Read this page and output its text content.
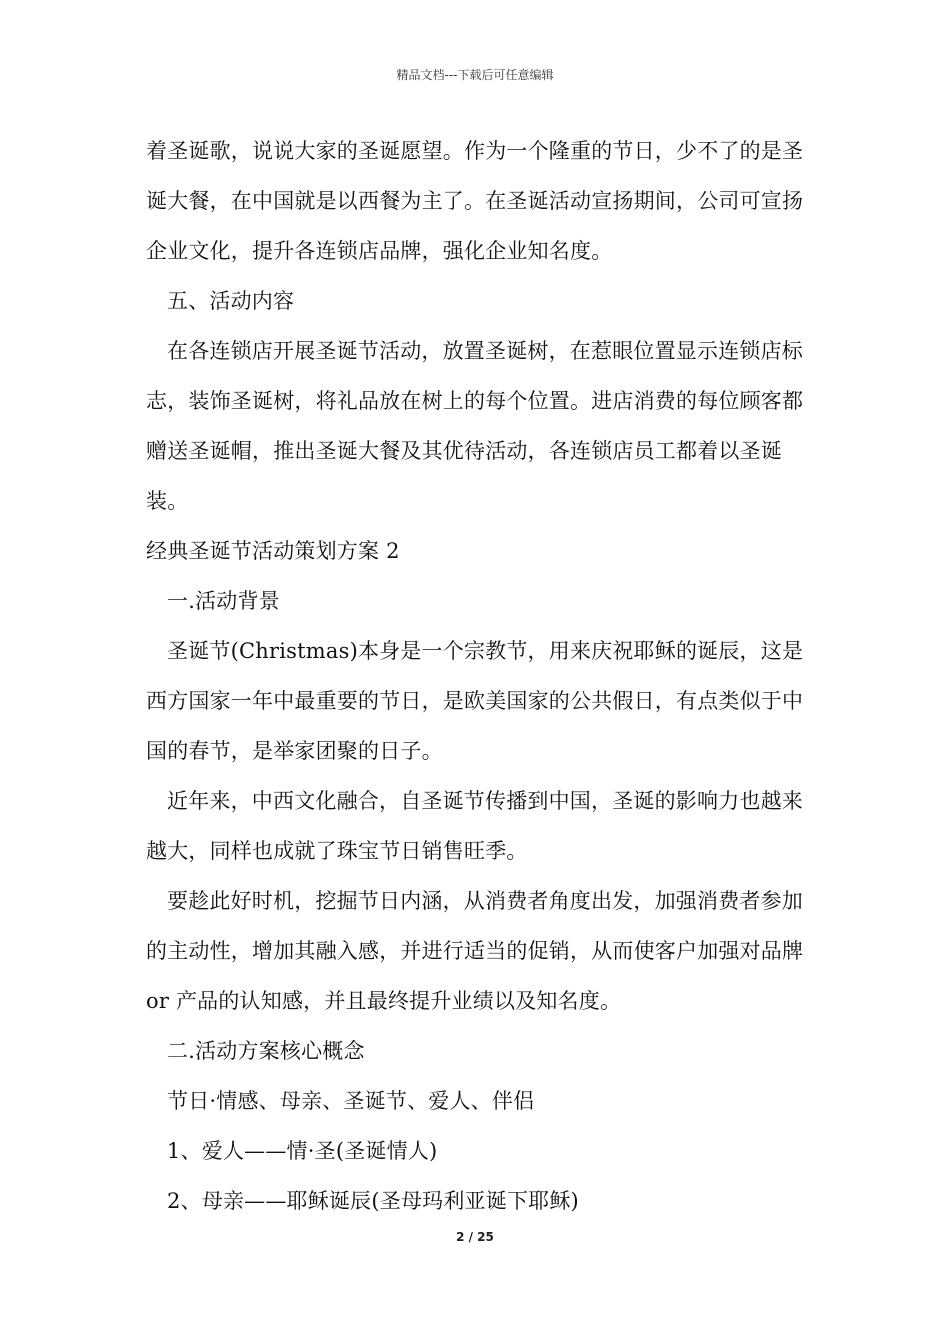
精品文档---下载后可任意编辑

着圣诞歌，说说大家的圣诞愿望。作为一个隆重的节日，少不了的是圣诞大餐，在中国就是以西餐为主了。在圣诞活动宣扬期间，公司可宣扬企业文化，提升各连锁店品牌，强化企业知名度。

五、活动内容

在各连锁店开展圣诞节活动，放置圣诞树，在惹眼位置显示连锁店标志，装饰圣诞树，将礼品放在树上的每个位置。进店消费的每位顾客都赠送圣诞帽，推出圣诞大餐及其优待活动，各连锁店员工都着以圣诞装。

经典圣诞节活动策划方案 2

一.活动背景

圣诞节(Christmas)本身是一个宗教节，用来庆祝耶稣的诞辰，这是西方国家一年中最重要的节日，是欧美国家的公共假日，有点类似于中国的春节，是举家团聚的日子。

近年来，中西文化融合，自圣诞节传播到中国，圣诞的影响力也越来越大，同样也成就了珠宝节日销售旺季。

要趁此好时机，挖掘节日内涵，从消费者角度出发，加强消费者参加的主动性，增加其融入感，并进行适当的促销，从而使客户加强对品牌 or 产品的认知感，并且最终提升业绩以及知名度。

二.活动方案核心概念

节日·情感、母亲、圣诞节、爱人、伴侣

1、爱人——情·圣(圣诞情人)

2、母亲——耶稣诞辰(圣母玛利亚诞下耶稣)

2 / 25
